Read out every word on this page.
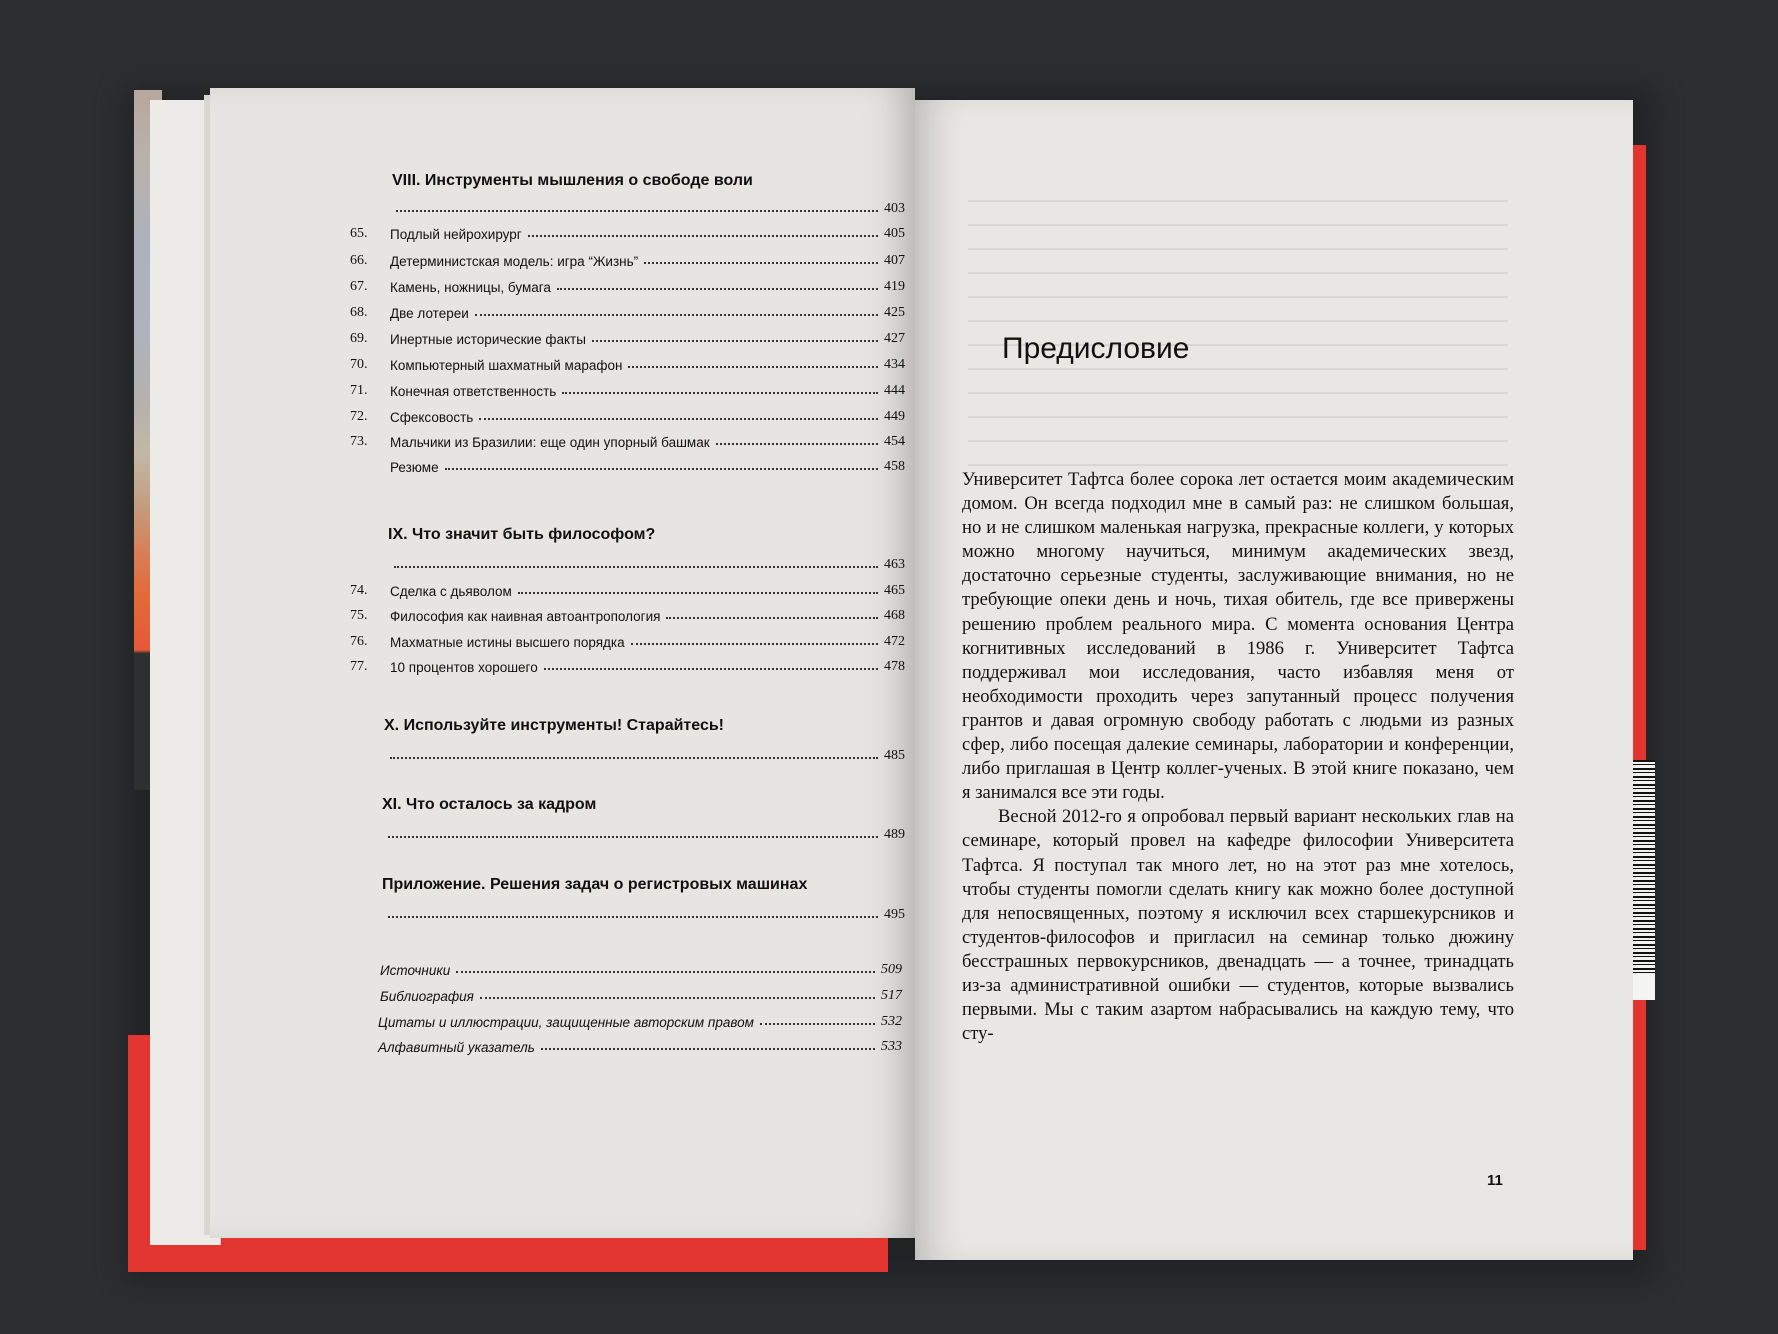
VIII. Инструменты мышления о свободе воли
403
65.	Подлый нейрохирург	405
66.	Детерминистская модель: игра “Жизнь”	407
67.	Камень, ножницы, бумага	419
68.	Две лотереи	425
69.	Инертные исторические факты	427
70.	Компьютерный шахматный марафон	434
71.	Конечная ответственность	444
72.	Сфексовость	449
73.	Мальчики из Бразилии: еще один упорный башмак	454
Резюме	458
IX. Что значит быть философом?
463
74.	Сделка с дьяволом	465
75.	Философия как наивная автоантропология	468
76.	Махматные истины высшего порядка	472
77.	10 процентов хорошего	478
X. Используйте инструменты! Старайтесь!
485
XI. Что осталось за кадром
489
Приложение. Решения задач о регистровых машинах
495
Источники	509
Библиография	517
Цитаты и иллюстрации, защищенные авторским правом	532
Алфавитный указатель	533
Предисловие

Университет Тафтса более сорока лет остается моим академическим домом. Он всегда подходил мне в самый раз: не слишком большая, но и не слишком маленькая нагрузка, прекрасные коллеги, у которых можно многому научиться, минимум академических звезд, достаточно серьезные студенты, заслуживающие внимания, но не требующие опеки день и ночь, тихая обитель, где все привержены решению проблем реального мира. С момента основания Центра когнитивных исследований в 1986 г. Университет Тафтса поддерживал мои исследования, часто избавляя меня от необходимости проходить через запутанный процесс получения грантов и давая огромную свободу работать с людьми из разных сфер, либо посещая далекие семинары, лаборатории и конференции, либо приглашая в Центр коллег-ученых. В этой книге показано, чем я занимался все эти годы.

Весной 2012-го я опробовал первый вариант нескольких глав на семинаре, который провел на кафедре философии Университета Тафтса. Я поступал так много лет, но на этот раз мне хотелось, чтобы студенты помогли сделать книгу как можно более доступной для непосвященных, поэтому я исключил всех старшекурсников и студентов-философов и пригласил на семинар только дюжину бесстрашных первокурсников, двенадцать — а точнее, тринадцать из-за административной ошибки — студентов, которые вызвались первыми. Мы с таким азартом набрасывались на каждую тему, что сту-

11
